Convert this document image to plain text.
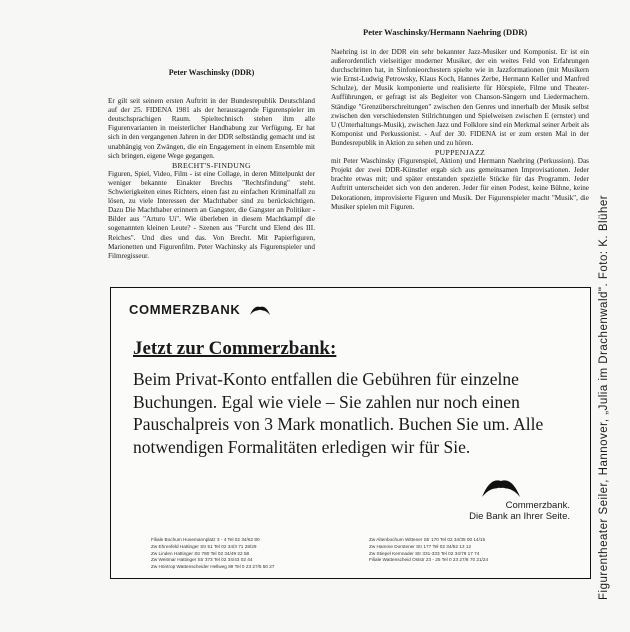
Peter Waschinsky/Hermann Naehring (DDR)
Peter Waschinsky (DDR)

Er gilt seit seinem ersten Auftritt in der Bundesrepublik Deutschland auf der 25. FIDENA 1981 als der herausragende Figurenspieler im deutschsprachigen Raum. Spieltechnisch stehen ihm alle Figurenvarianten in meisterlicher Handhabung zur Verfügung. Er hat sich in den vergangenen Jahren in der DDR selbständig gemacht und ist unabhängig von Zwängen, die ein Engagement in einem Ensemble mit sich bringen, eigene Wege gegangen.

BRECHT'S-FINDUNG

Figuren, Spiel, Video, Film - ist eine Collage, in deren Mittelpunkt der weniger bekannte Einakter Brechts "Rechtsfindung" steht. Schwierigkeiten eines Richters, einen fast zu einfachen Kriminalfall zu lösen, zu viele Interessen der Machthaber sind zu berücksichtigen. Dazu Die Machthaber erinnern an Gangster, die Gangster an Politiker - Bilder aus "Arturo Ui". Wie überleben in diesem Machtkampf die sogenannten kleinen Leute? - Szenen aus "Furcht und Elend des III. Reiches". Und dies und das. Von Brecht. Mit Papierfiguren, Marionetten und Figurenfilm. Peter Wachinsky als Figurenspieler und Filmregisseur.

Naehring ist in der DDR ein sehr bekannter Jazz-Musiker und Komponist. Er ist ein außerordentlich vielseitiger moderner Musiker, der ein weites Feld von Erfahrungen durchschritten hat, in Sinfonieorchestern spielte wie in Jazzformationen (mit Musikern wie Ernst-Ludwig Petrowsky, Klaus Koch, Hannes Zerbe, Hermann Keller und Manfred Schulze), der Musik komponierte und realisierte für Hörspiele, Filme und Theater-Aufführungen, er gefragt ist als Begleiter von Chanson-Sängern und Liedermachern. Ständige "Grenzüberschreitungen" zwischen den Genres und innerhalb der Musik selbst zwischen den verschiedensten Stilrichtungen und Spielweisen zwischen E (ernster) und U (Unterhaltungs-Musik), zwischen Jazz und Folklore sind ein Merkmal seiner Arbeit als Komponist und Perkussionist. - Auf der 30. FIDENA ist er zum ersten Mal in der Bundesrepublik in Aktion zu sehen und zu hören.

PUPPENJAZZ

mit Peter Waschinsky (Figurenspiel, Aktion) und Hermann Naehring (Perkussion). Das Projekt der zwei DDR-Künstler ergab sich aus gemeinsamen Improvisationen. Jeder brachte etwas mit; und später entstanden spezielle Stücke für das Programm. Jeder Auftritt unterscheidet sich von den anderen. Jeder für einen Podest, keine Bühne, keine Dekorationen, improvisierte Figuren und Musik. Der Figurenspieler macht "Musik", die Musiker spielen mit Figuren.

COMMERZBANK
Jetzt zur Commerzbank:
Beim Privat-Konto entfallen die Gebühren für einzelne Buchungen. Egal wie viele – Sie zahlen nur noch einen Pauschalpreis von 3 Mark monatlich. Buchen Sie um. Alle notwendigen Formalitäten erledigen wir für Sie.
Commerzbank.
Die Bank an Ihrer Seite.
Filiale Bochum Husemannplatz 3 - 4 Tel 02 34/62 80	Zw Altenbochum Wittener Str 170 Tel 02 34/35 00 14/15
Zw Ehrenfeld Hattinger Str 51 Tel 02 34/3 71 28/29	Zw Hamme Dorstener Str 177 Tel 02 34/52 13 12
Zw Linden Hattinger Str 780 Tel 02 34/49 22 58	Zw Stiepel Kemnader Str 331-333 Tel 02 34/79 17 74
Zw Weitmar Hattinger Str 373 Tel 02 34/43 02 44	Filiale Wattenscheid Oststr 23 - 25 Tel 0 23 27/8 70 21/24
Zw Höntrop Wattenscheider Hellweg 89 Tel 0 23 27/5 50 27	Figurentheater Seiler, Hannover, „Julia im Drachenwald". Foto: K. Blüher
